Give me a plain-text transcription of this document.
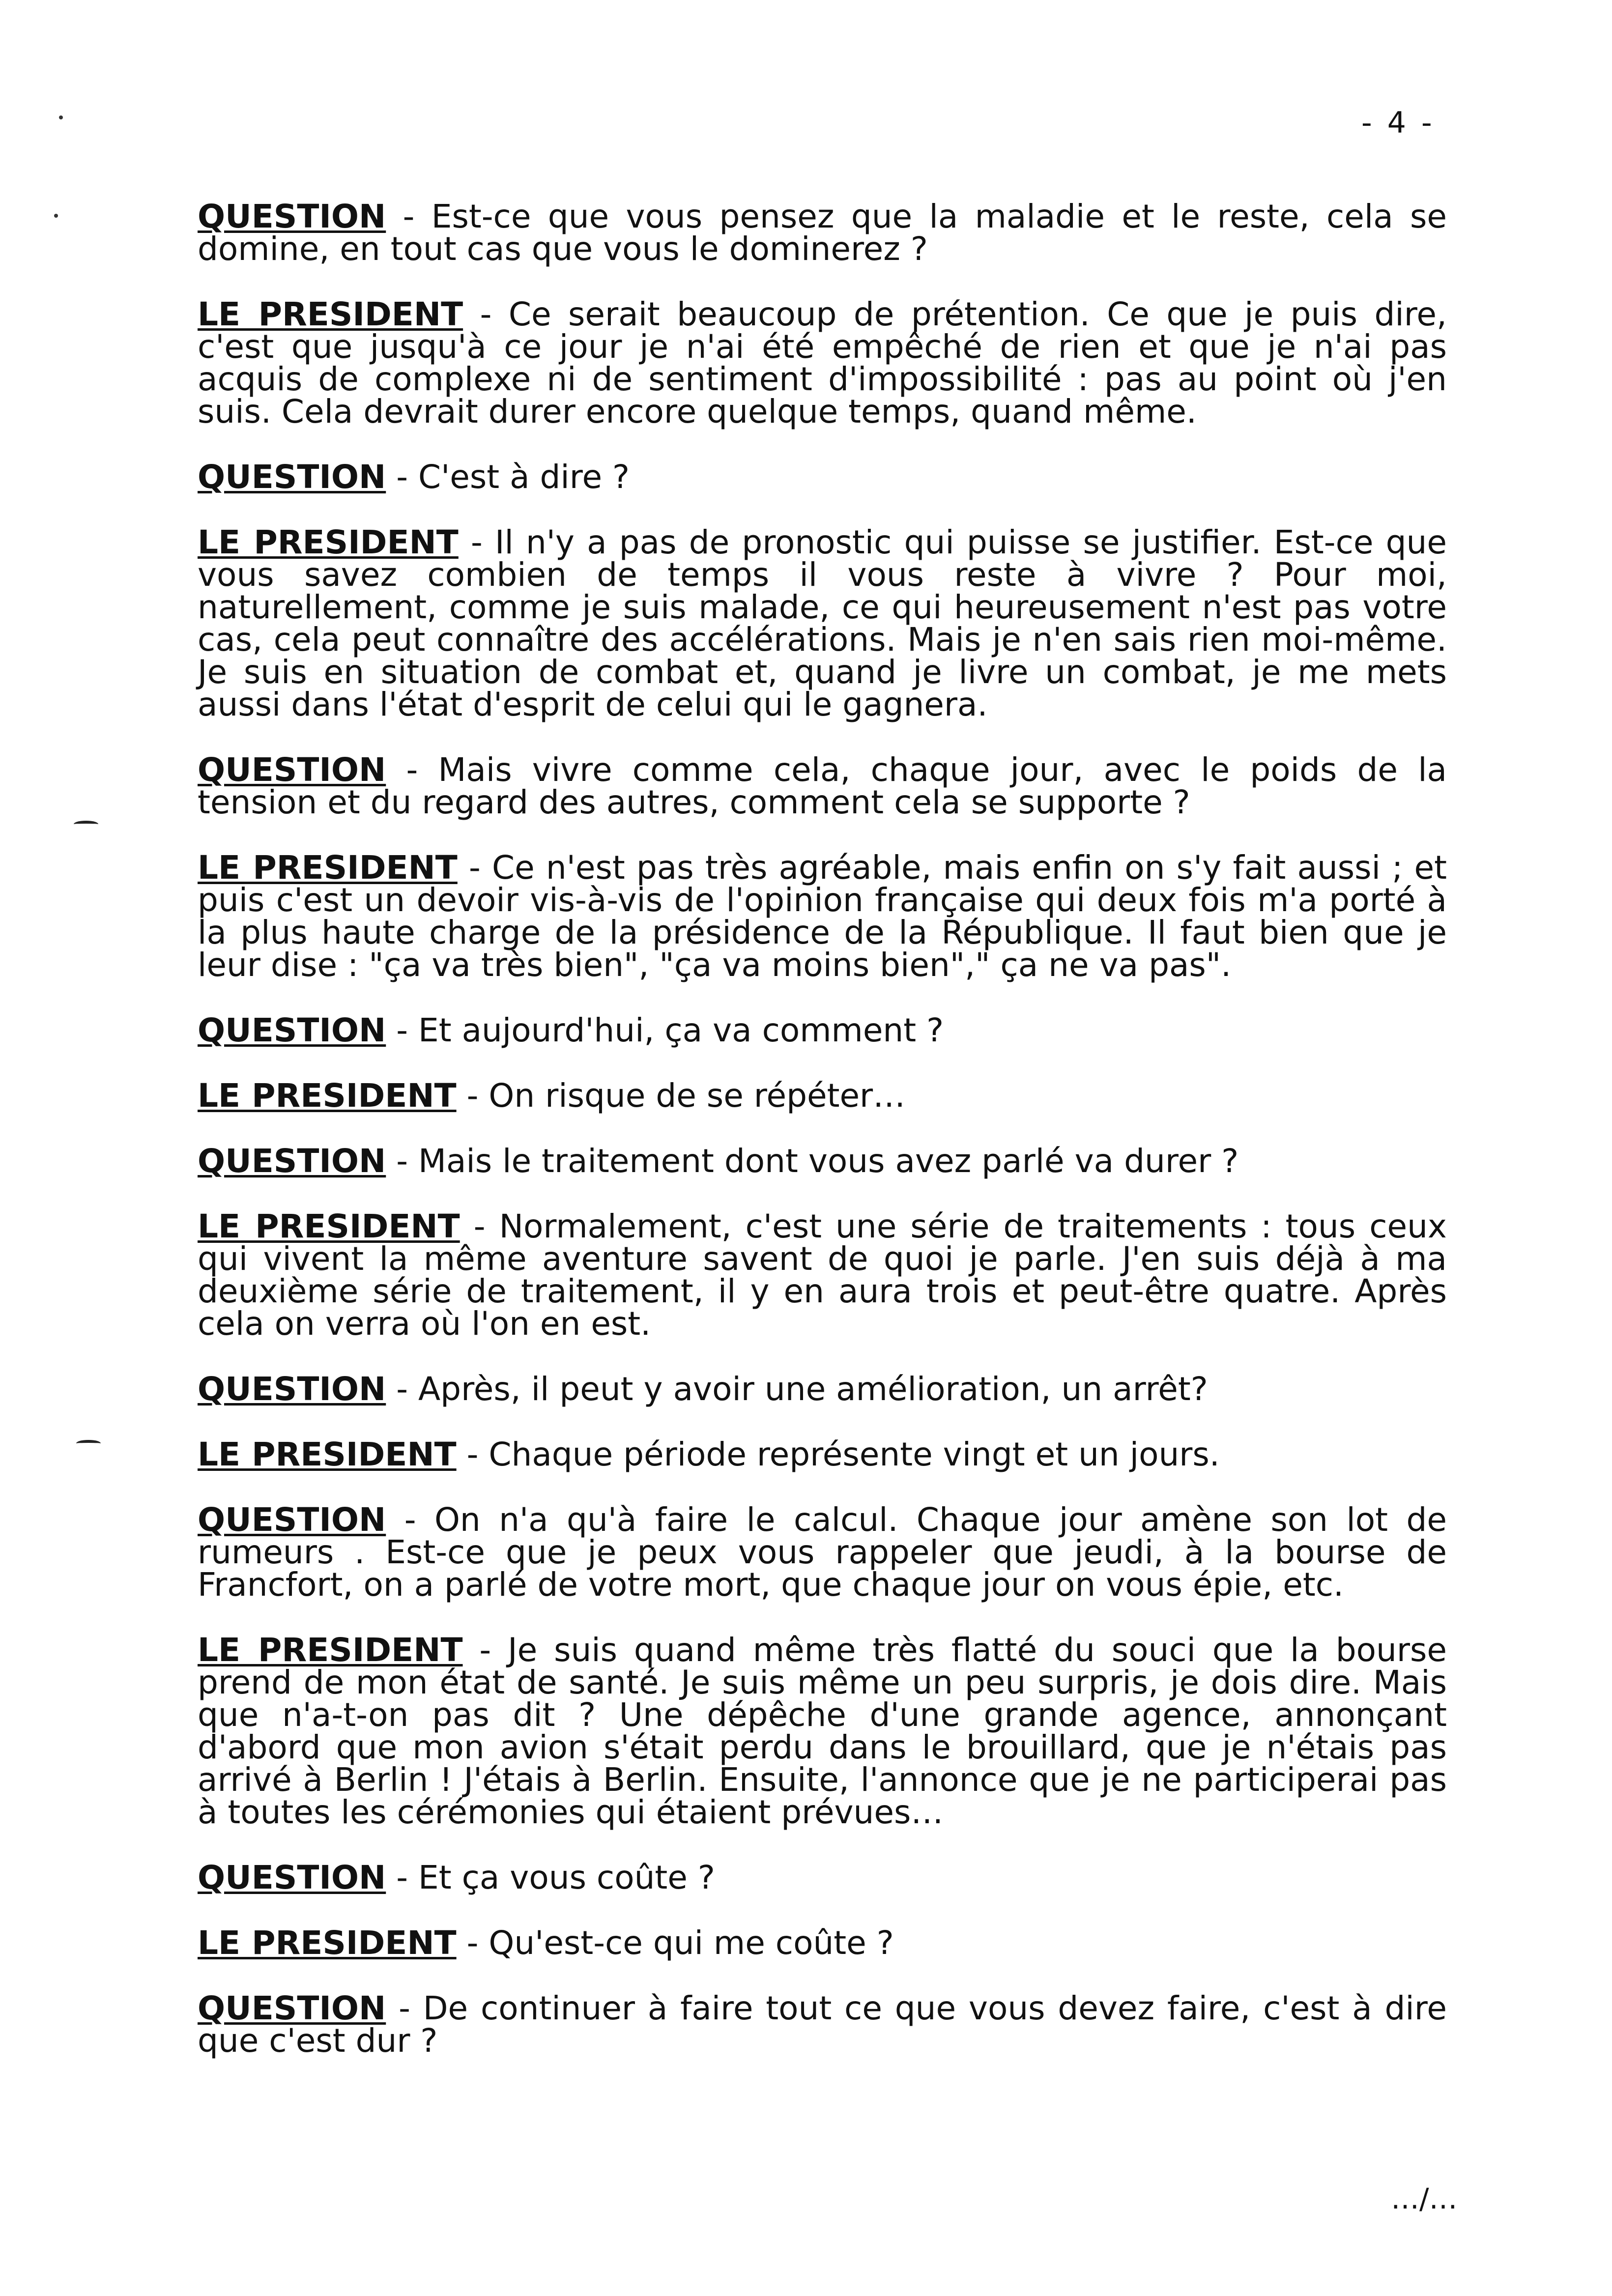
- 4 -

QUESTION - Est-ce que vous pensez que la maladie et le reste, cela se domine, en tout cas que vous le dominerez ?

LE PRESIDENT - Ce serait beaucoup de prétention. Ce que je puis dire, c'est que jusqu'à ce jour je n'ai été empêché de rien et que je n'ai pas acquis de complexe ni de sentiment d'impossibilité : pas au point où j'en suis. Cela devrait durer encore quelque temps, quand même.

QUESTION - C'est à dire ?

LE PRESIDENT - Il n'y a pas de pronostic qui puisse se justifier. Est-ce que vous savez combien de temps il vous reste à vivre ? Pour moi, naturellement, comme je suis malade, ce qui heureusement n'est pas votre cas, cela peut connaître des accélérations. Mais je n'en sais rien moi-même. Je suis en situation de combat et, quand je livre un combat, je me mets aussi dans l'état d'esprit de celui qui le gagnera.

QUESTION - Mais vivre comme cela, chaque jour, avec le poids de la tension et du regard des autres, comment cela se supporte ?

LE PRESIDENT - Ce n'est pas très agréable, mais enfin on s'y fait aussi ; et puis c'est un devoir vis-à-vis de l'opinion française qui deux fois m'a porté à la plus haute charge de la présidence de la République. Il faut bien que je leur dise : "ça va très bien", "ça va moins bien"," ça ne va pas".

QUESTION - Et aujourd'hui, ça va comment ?

LE PRESIDENT - On risque de se répéter…

QUESTION - Mais le traitement dont vous avez parlé va durer ?

LE PRESIDENT - Normalement, c'est une série de traitements : tous ceux qui vivent la même aventure savent de quoi je parle. J'en suis déjà à ma deuxième série de traitement, il y en aura trois et peut-être quatre. Après cela on verra où l'on en est.

QUESTION - Après, il peut y avoir une amélioration, un arrêt?

LE PRESIDENT - Chaque période représente vingt et un jours.

QUESTION - On n'a qu'à faire le calcul. Chaque jour amène son lot de rumeurs . Est-ce que je peux vous rappeler que jeudi, à la bourse de Francfort, on a parlé de votre mort, que chaque jour on vous épie, etc.

LE PRESIDENT - Je suis quand même très flatté du souci que la bourse prend de mon état de santé. Je suis même un peu surpris, je dois dire. Mais que n'a-t-on pas dit ? Une dépêche d'une grande agence, annonçant d'abord que mon avion s'était perdu dans le brouillard, que je n'étais pas arrivé à Berlin ! J'étais à Berlin. Ensuite, l'annonce que je ne participerai pas à toutes les cérémonies qui étaient prévues…

QUESTION - Et ça vous coûte ?

LE PRESIDENT - Qu'est-ce qui me coûte ?

QUESTION - De continuer à faire tout ce que vous devez faire, c'est à dire que c'est dur ?

…/…
